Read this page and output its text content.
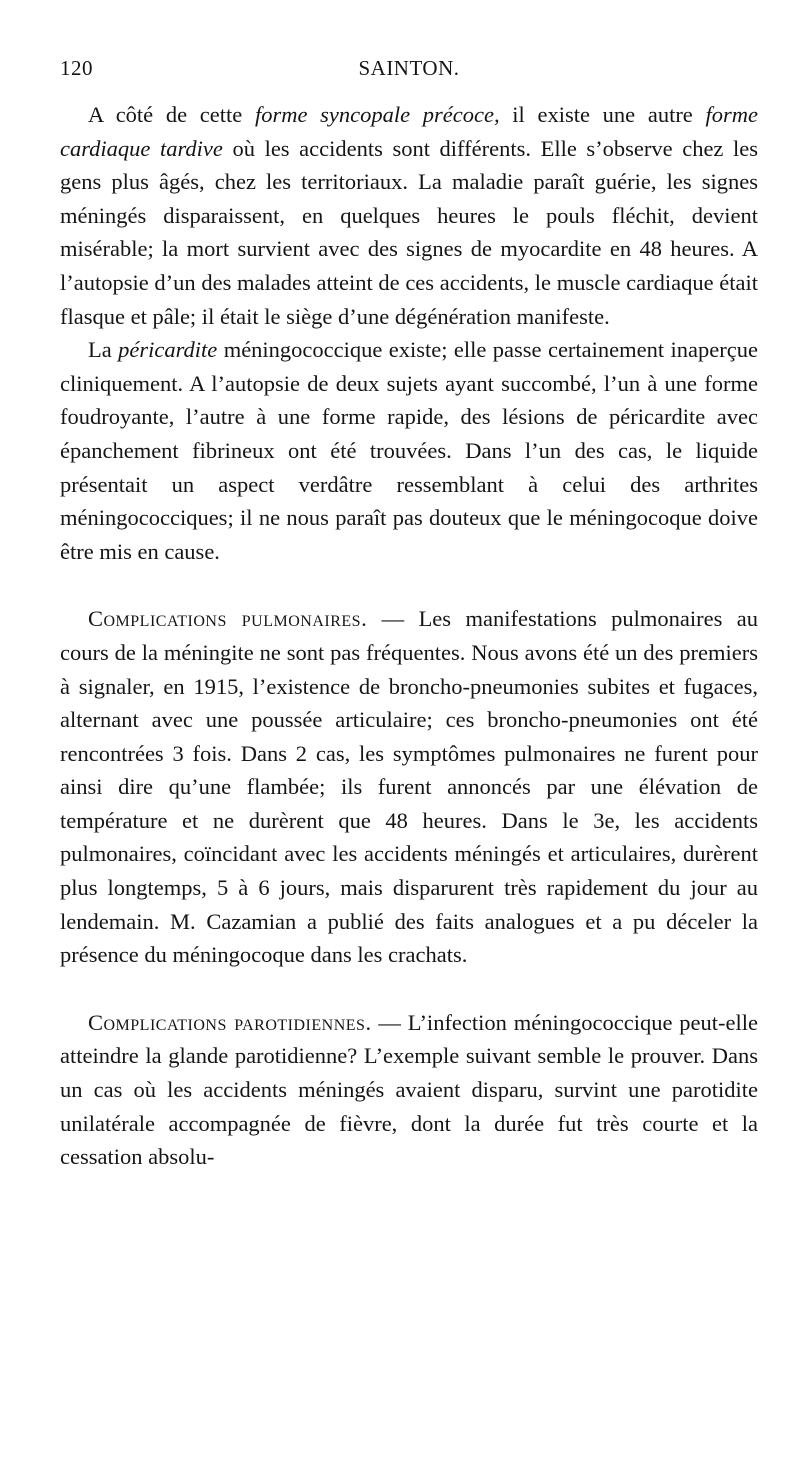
120	SAINTON.

A côté de cette forme syncopale précoce, il existe une autre forme cardiaque tardive où les accidents sont différents. Elle s’observe chez les gens plus âgés, chez les territoriaux. La maladie paraît guérie, les signes méningés disparaissent, en quelques heures le pouls fléchit, devient misérable; la mort survient avec des signes de myocardite en 48 heures. A l’autopsie d’un des malades atteint de ces accidents, le muscle cardiaque était flasque et pâle; il était le siège d’une dégénération manifeste.

La péricardite méningococcique existe; elle passe certainement inaperçue cliniquement. A l’autopsie de deux sujets ayant succombé, l’un à une forme foudroyante, l’autre à une forme rapide, des lésions de péricardite avec épanchement fibrineux ont été trouvées. Dans l’un des cas, le liquide présentait un aspect verdâtre ressemblant à celui des arthrites méningococciques; il ne nous paraît pas douteux que le méningocoque doive être mis en cause.

Complications pulmonaires. — Les manifestations pulmonaires au cours de la méningite ne sont pas fréquentes. Nous avons été un des premiers à signaler, en 1915, l’existence de broncho-pneumonies subites et fugaces, alternant avec une poussée articulaire; ces broncho-pneumonies ont été rencontrées 3 fois. Dans 2 cas, les symptômes pulmonaires ne furent pour ainsi dire qu’une flambée; ils furent annoncés par une élévation de température et ne durèrent que 48 heures. Dans le 3e, les accidents pulmonaires, coïncidant avec les accidents méningés et articulaires, durèrent plus longtemps, 5 à 6 jours, mais disparurent très rapidement du jour au lendemain. M. Cazamian a publié des faits analogues et a pu déceler la présence du méningocoque dans les crachats.

Complications parotidiennes. — L’infection méningococcique peut-elle atteindre la glande parotidienne? L’exemple suivant semble le prouver. Dans un cas où les accidents méningés avaient disparu, survint une parotidite unilatérale accompagnée de fièvre, dont la durée fut très courte et la cessation absolu-
